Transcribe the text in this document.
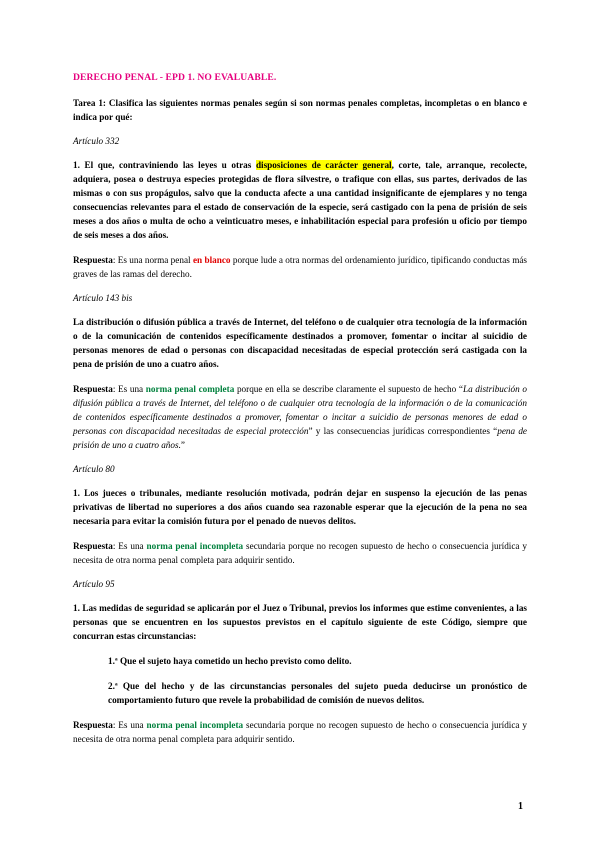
DERECHO PENAL - EPD 1. NO EVALUABLE.

Tarea 1: Clasifica las siguientes normas penales según si son normas penales completas, incompletas o en blanco e indica por qué:

Artículo 332

1. El que, contraviniendo las leyes u otras disposiciones de carácter general, corte, tale, arranque, recolecte, adquiera, posea o destruya especies protegidas de flora silvestre, o trafique con ellas, sus partes, derivados de las mismas o con sus propágulos, salvo que la conducta afecte a una cantidad insignificante de ejemplares y no tenga consecuencias relevantes para el estado de conservación de la especie, será castigado con la pena de prisión de seis meses a dos años o multa de ocho a veinticuatro meses, e inhabilitación especial para profesión u oficio por tiempo de seis meses a dos años.

Respuesta: Es una norma penal en blanco porque lude a otra normas del ordenamiento jurídico, tipificando conductas más graves de las ramas del derecho.

Artículo 143 bis

La distribución o difusión pública a través de Internet, del teléfono o de cualquier otra tecnología de la información o de la comunicación de contenidos específicamente destinados a promover, fomentar o incitar al suicidio de personas menores de edad o personas con discapacidad necesitadas de especial protección será castigada con la pena de prisión de uno a cuatro años.

Respuesta: Es una norma penal completa porque en ella se describe claramente el supuesto de hecho “La distribución o difusión pública a través de Internet, del teléfono o de cualquier otra tecnología de la información o de la comunicación de contenidos específicamente destinados a promover, fomentar o incitar a suicidio de personas menores de edad o personas con discapacidad necesitadas de especial protección” y las consecuencias jurídicas correspondientes “pena de prisión de uno a cuatro años.”

Artículo 80

1. Los jueces o tribunales, mediante resolución motivada, podrán dejar en suspenso la ejecución de las penas privativas de libertad no superiores a dos años cuando sea razonable esperar que la ejecución de la pena no sea necesaria para evitar la comisión futura por el penado de nuevos delitos.

Respuesta: Es una norma penal incompleta secundaria porque no recogen supuesto de hecho o consecuencia jurídica y necesita de otra norma penal completa para adquirir sentido.

Artículo 95

1. Las medidas de seguridad se aplicarán por el Juez o Tribunal, previos los informes que estime convenientes, a las personas que se encuentren en los supuestos previstos en el capítulo siguiente de este Código, siempre que concurran estas circunstancias:

1.ª Que el sujeto haya cometido un hecho previsto como delito.

2.ª Que del hecho y de las circunstancias personales del sujeto pueda deducirse un pronóstico de comportamiento futuro que revele la probabilidad de comisión de nuevos delitos.

Respuesta: Es una norma penal incompleta secundaria porque no recogen supuesto de hecho o consecuencia jurídica y necesita de otra norma penal completa para adquirir sentido.

1
